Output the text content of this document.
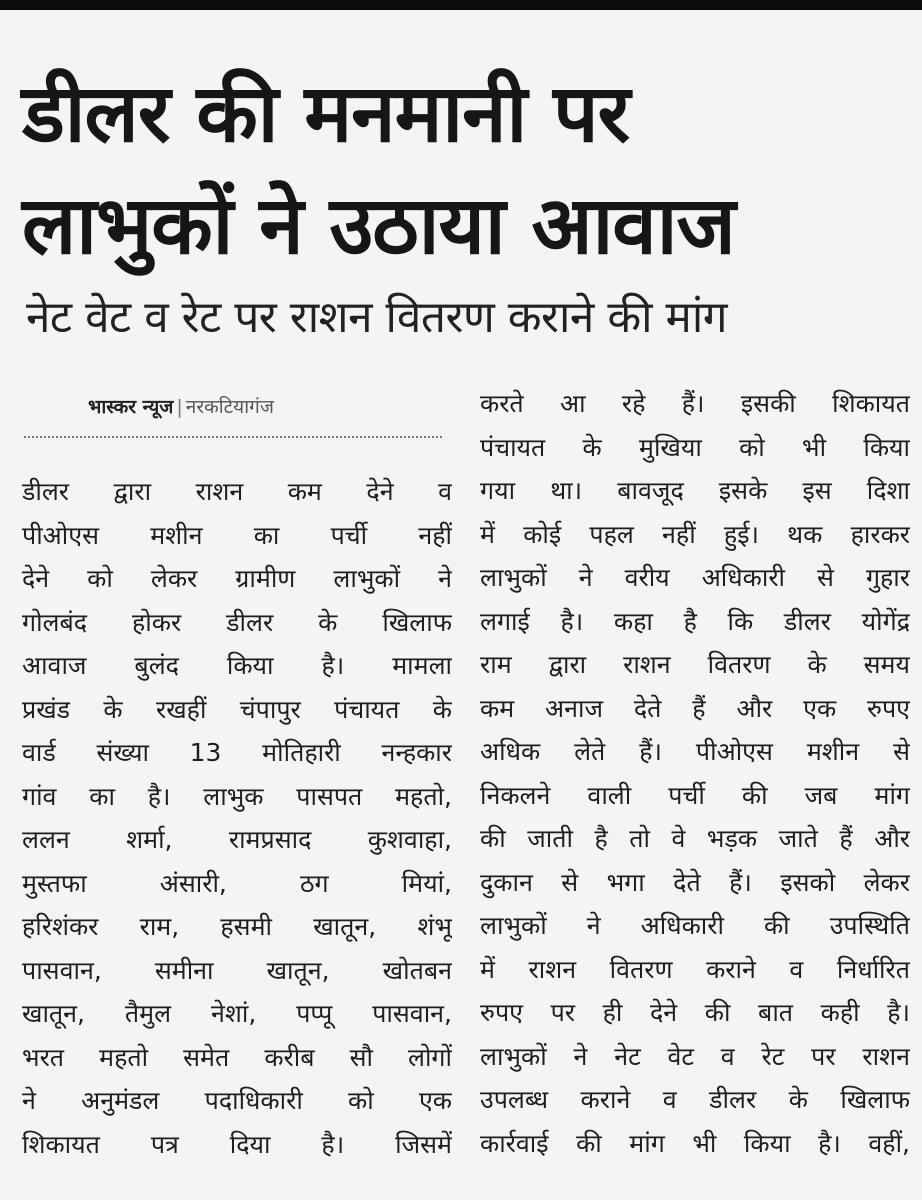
डीलर की मनमानी पर
लाभुकों ने उठाया आवाज
नेट वेट व रेट पर राशन वितरण कराने की मांग
भास्कर न्यूज | नरकटियागंज
डीलर द्वारा राशन कम देने व
पीओएस मशीन का पर्ची नहीं
देने को लेकर ग्रामीण लाभुकों ने
गोलबंद होकर डीलर के खिलाफ
आवाज बुलंद किया है। मामला
प्रखंड के रखहीं चंपापुर पंचायत के
वार्ड संख्या 13 मोतिहारी नन्हकार
गांव का है। लाभुक पासपत महतो,
ललन शर्मा, रामप्रसाद कुशवाहा,
मुस्तफा अंसारी, ठग मियां,
हरिशंकर राम, हसमी खातून, शंभू
पासवान, समीना खातून, खोतबन
खातून, तैमुल नेशां, पप्पू पासवान,
भरत महतो समेत करीब सौ लोगों
ने अनुमंडल पदाधिकारी को एक
शिकायत पत्र दिया है। जिसमें
करते आ रहे हैं। इसकी शिकायत
पंचायत के मुखिया को भी किया
गया था। बावजूद इसके इस दिशा
में कोई पहल नहीं हुई। थक हारकर
लाभुकों ने वरीय अधिकारी से गुहार
लगाई है। कहा है कि डीलर योगेंद्र
राम द्वारा राशन वितरण के समय
कम अनाज देते हैं और एक रुपए
अधिक लेते हैं। पीओएस मशीन से
निकलने वाली पर्ची की जब मांग
की जाती है तो वे भड़क जाते हैं और
दुकान से भगा देते हैं। इसको लेकर
लाभुकों ने अधिकारी की उपस्थिति
में राशन वितरण कराने व निर्धारित
रुपए पर ही देने की बात कही है।
लाभुकों ने नेट वेट व रेट पर राशन
उपलब्ध कराने व डीलर के खिलाफ
कार्रवाई की मांग भी किया है। वहीं,
